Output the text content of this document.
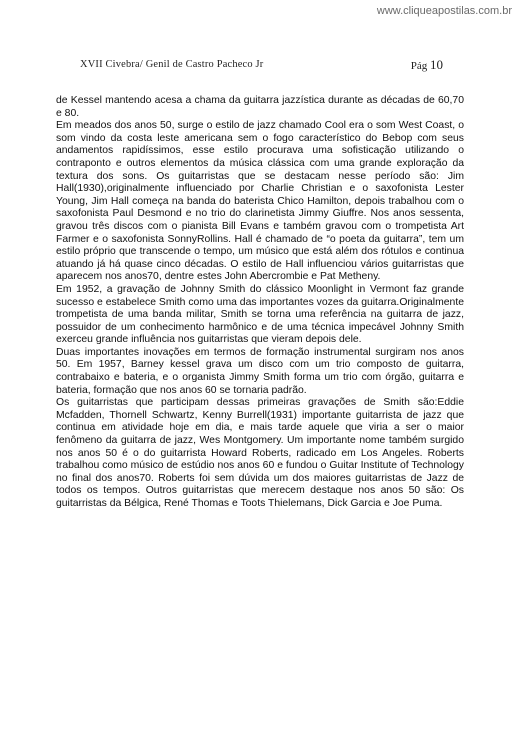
www.cliqueapostilas.com.br
XVII Civebra/ Genil de Castro Pacheco Jr	Pág 10

de Kessel mantendo acesa a chama da guitarra jazzística durante as décadas de 60,70 e 80.

Em meados dos anos 50, surge o estilo de jazz chamado Cool era o som West Coast, o som vindo da costa leste americana sem o fogo característico do Bebop com seus andamentos rapidíssimos, esse estilo procurava uma sofisticação utilizando o contraponto e outros elementos da música clássica com uma grande exploração da textura dos sons. Os guitarristas que se destacam nesse período são: Jim Hall(1930),originalmente influenciado por Charlie Christian e o saxofonista Lester Young, Jim Hall começa na banda do baterista Chico Hamilton, depois trabalhou com o saxofonista Paul Desmond e no trio do clarinetista Jimmy Giuffre. Nos anos sessenta, gravou três discos com o pianista Bill Evans e também gravou com o trompetista Art Farmer e o saxofonista SonnyRollins. Hall é chamado de “o poeta da guitarra”, tem um estilo próprio que transcende o tempo, um músico que está além dos rótulos e continua atuando já há quase cinco décadas. O estilo de Hall influenciou vários guitarristas que aparecem nos anos70, dentre estes John Abercrombie e Pat Metheny.

Em 1952, a gravação de Johnny Smith do clássico Moonlight in Vermont faz grande sucesso e estabelece Smith como uma das importantes vozes da guitarra.Originalmente trompetista de uma banda militar, Smith se torna uma referência na guitarra de jazz, possuidor de um conhecimento harmônico e de uma técnica impecável Johnny Smith exerceu grande influência nos guitarristas que vieram depois dele.

Duas importantes inovações em termos de formação instrumental surgiram nos anos 50. Em 1957, Barney kessel grava um disco com um trio composto de guitarra, contrabaixo e bateria, e o organista Jimmy Smith forma um trio com órgão, guitarra e bateria, formação que nos anos 60 se tornaria padrão.

Os guitarristas que participam dessas primeiras gravações de Smith são:Eddie Mcfadden, Thornell Schwartz, Kenny Burrell(1931) importante guitarrista de jazz que continua em atividade hoje em dia, e mais tarde aquele que viria a ser o maior fenômeno da guitarra de jazz, Wes Montgomery. Um importante nome também surgido nos anos 50 é o do guitarrista Howard Roberts, radicado em Los Angeles. Roberts trabalhou como músico de estúdio nos anos 60 e fundou o Guitar Institute of Technology no final dos anos70. Roberts foi sem dúvida um dos maiores guitarristas de Jazz de todos os tempos. Outros guitarristas que merecem destaque nos anos 50 são: Os guitarristas da Bélgica, René Thomas e Toots Thielemans, Dick Garcia e Joe Puma.
